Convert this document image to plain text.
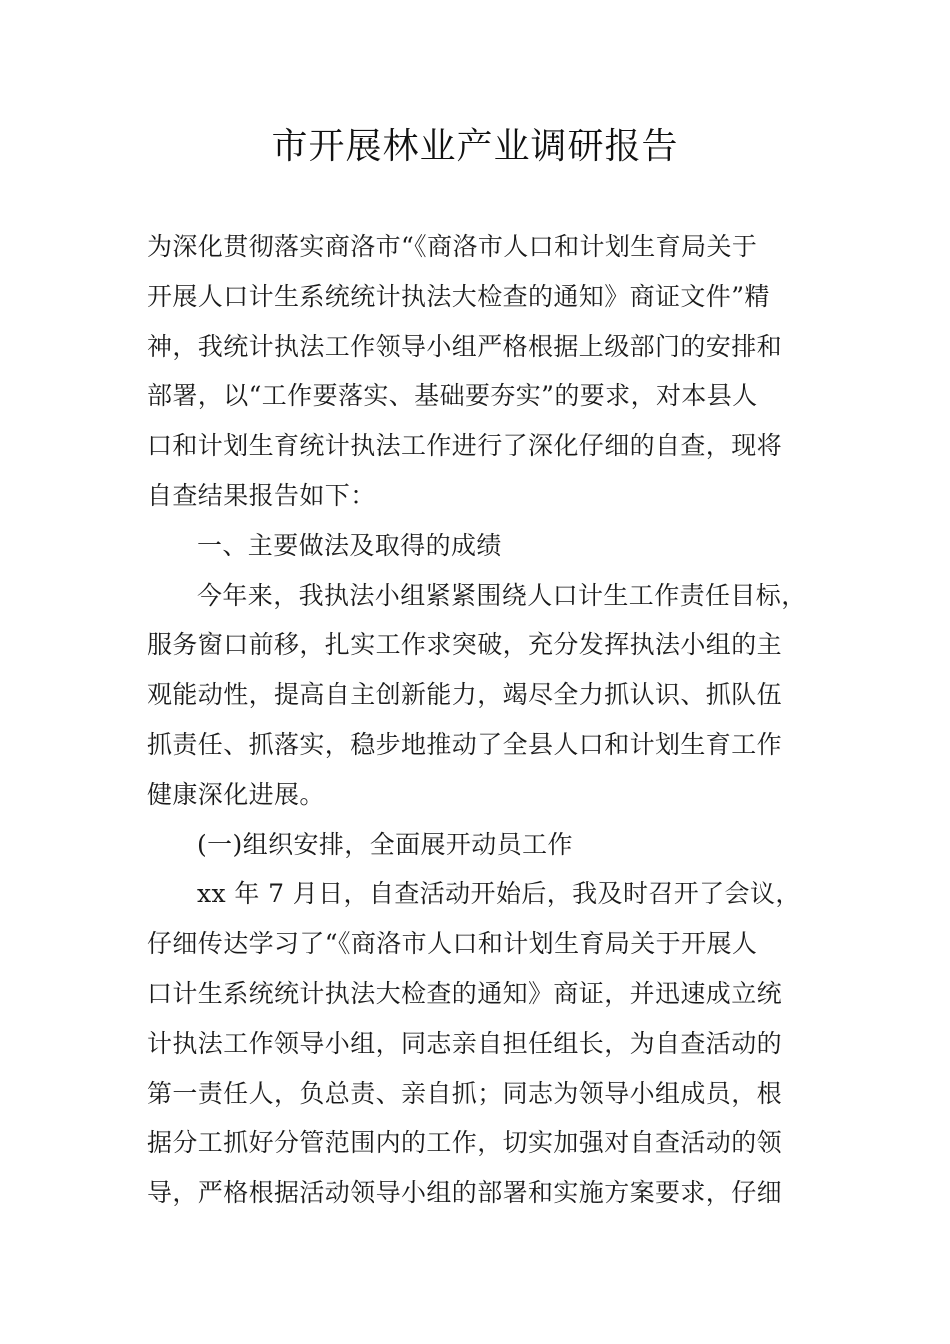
市开展林业产业调研报告
为深化贯彻落实商洛市“《商洛市人口和计划生育局关于
开展人口计生系统统计执法大检查的通知》商证文件”精
神，我统计执法工作领导小组严格根据上级部门的安排和
部署，以“工作要落实、基础要夯实”的要求，对本县人
口和计划生育统计执法工作进行了深化仔细的自查，现将
自查结果报告如下：
一、主要做法及取得的成绩
今年来，我执法小组紧紧围绕人口计生工作责任目标，
服务窗口前移，扎实工作求突破，充分发挥执法小组的主
观能动性，提高自主创新能力，竭尽全力抓认识、抓队伍
抓责任、抓落实，稳步地推动了全县人口和计划生育工作
健康深化进展。
(一)组织安排，全面展开动员工作
xx 年 7 月日，自查活动开始后，我及时召开了会议，
仔细传达学习了“《商洛市人口和计划生育局关于开展人
口计生系统统计执法大检查的通知》商证，并迅速成立统
计执法工作领导小组，同志亲自担任组长，为自查活动的
第一责任人，负总责、亲自抓；同志为领导小组成员，根
据分工抓好分管范围内的工作，切实加强对自查活动的领
导，严格根据活动领导小组的部署和实施方案要求，仔细
